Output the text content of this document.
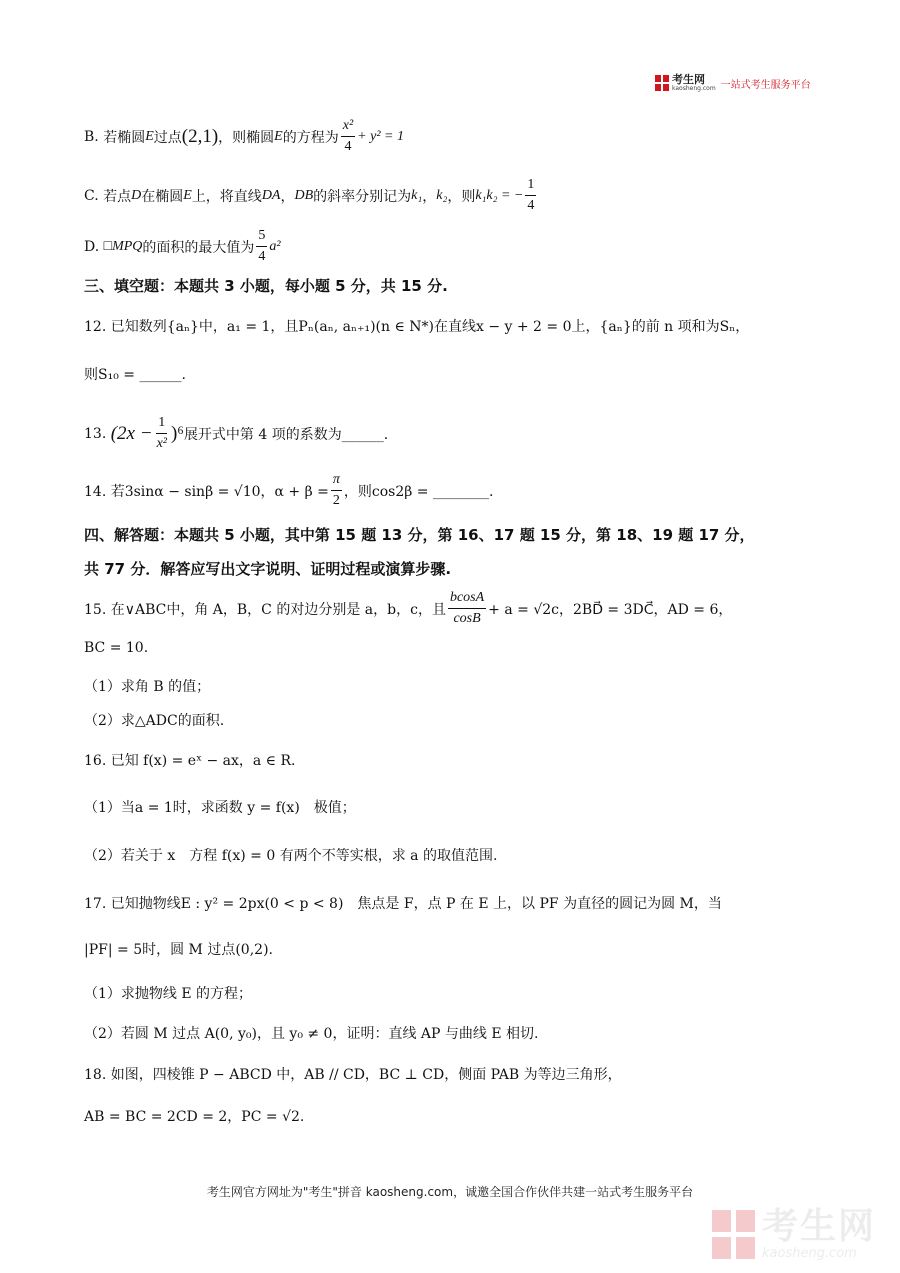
考生网
kaosheng.com 一站式考生服务平台
B.
若椭圆 E 过点 (2,1) ，则椭圆 E 的方程为 $\frac{\text{x²}}{4} + y^2 = 1$
C.
若点 D 在椭圆 E 上，将直线 DA ， DB 的斜率分别记为 k₁ ， k₂ ，则 k₁k₂ = − $\frac{1}{4}$
D.
□MPQ 的面积的最大值为 $\frac{5}{4} a^2$
三、填空题：本题共 3 小题，每小题 5 分，共 15 分.
12. 已知数列{aₙ}中，a₁ = 1，且Pₙ(aₙ, aₙ₊₁)(n ∈ N*)在直线x − y + 2 = 0上，{aₙ}的前 n 项和为Sₙ，
则S₁₀ = ______.
13.
$(2x - \frac{1}{\text{x²}} )^6$ 展开式中第 4 项的系数为______.
14. 若3sinα − sinβ = √10，$\alpha + \beta = \frac{\pi}{2}$ ，则cos2β = ________.
四、解答题：本题共 5 小题，其中第 15 题 13 分，第 16、17 题 15 分，第 18、19 题 17 分，
共 77 分．解答应写出文字说明、证明过程或演算步骤.
15. 在∨ABC中，角 A，B，C 的对边分别是 a，b，c，且 $\frac{bcosA}{\cos B} + a = √2c$，2BD⃗ = 3DC⃗，AD = 6，
BC = 10.
（1）求角 B 的值；
（2）求△ADC的面积.
16. 已知 f(x) = eˣ − ax，a ∈ R.
（1）当a = 1时，求函数 y = f(x)　极值；
（2）若关于 x　方程 f(x) = 0 有两个不等实根，求 a 的取值范围.
17. 已知抛物线E : y² = 2px(0 < p < 8)　焦点是 F，点 P 在 E 上，以 PF 为直径的圆记为圆 M，当
|PF| = 5时，圆 M 过点(0,2).
（1）求抛物线 E 的方程；
（2）若圆 M 过点 A(0, y₀)，且 y₀ ≠ 0，证明：直线 AP 与曲线 E 相切.
18. 如图，四棱锥 P − ABCD 中，AB // CD，BC ⊥ CD，侧面 PAB 为等边三角形，
AB = BC = 2CD = 2，PC = √2.
考生网官方网址为"考生"拼音 kaosheng.com，诚邀全国合作伙伴共建一站式考生服务平台
考生网
kaosheng.com
